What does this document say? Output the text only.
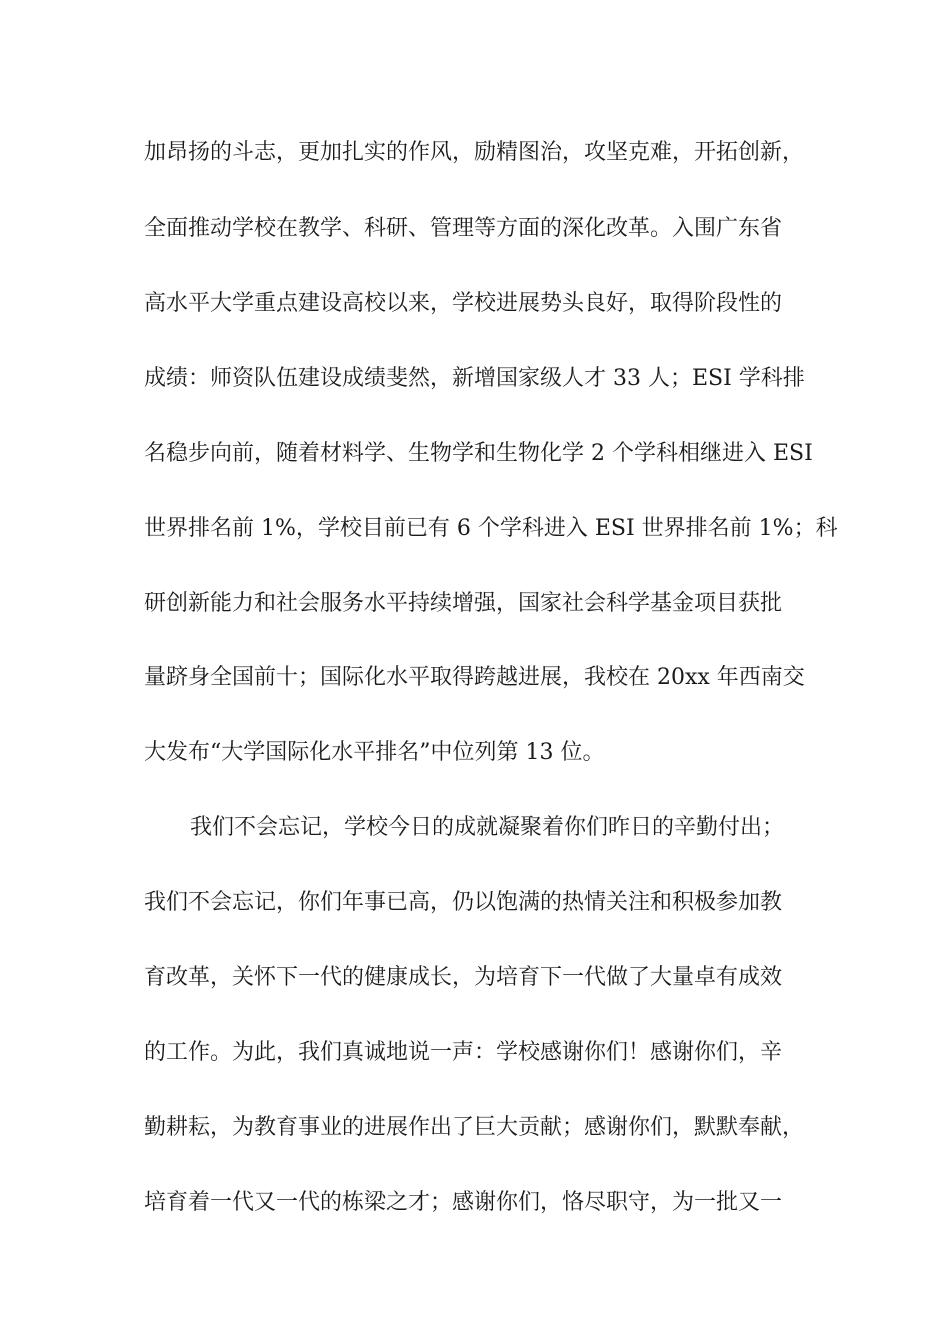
加昂扬的斗志，更加扎实的作风，励精图治，攻坚克难，开拓创新，
全面推动学校在教学、科研、管理等方面的深化改革。入围广东省
高水平大学重点建设高校以来，学校进展势头良好，取得阶段性的
成绩：师资队伍建设成绩斐然，新增国家级人才 33 人；ESI 学科排
名稳步向前，随着材料学、生物学和生物化学 2 个学科相继进入 ESI
世界排名前 1%，学校目前已有 6 个学科进入 ESI 世界排名前 1%；科
研创新能力和社会服务水平持续增强，国家社会科学基金项目获批
量跻身全国前十；国际化水平取得跨越进展，我校在 20xx 年西南交
大发布“大学国际化水平排名”中位列第 13 位。
我们不会忘记，学校今日的成就凝聚着你们昨日的辛勤付出；
我们不会忘记，你们年事已高，仍以饱满的热情关注和积极参加教
育改革，关怀下一代的健康成长，为培育下一代做了大量卓有成效
的工作。为此，我们真诚地说一声：学校感谢你们！感谢你们，辛
勤耕耘，为教育事业的进展作出了巨大贡献；感谢你们，默默奉献，
培育着一代又一代的栋梁之才；感谢你们，恪尽职守，为一批又一
